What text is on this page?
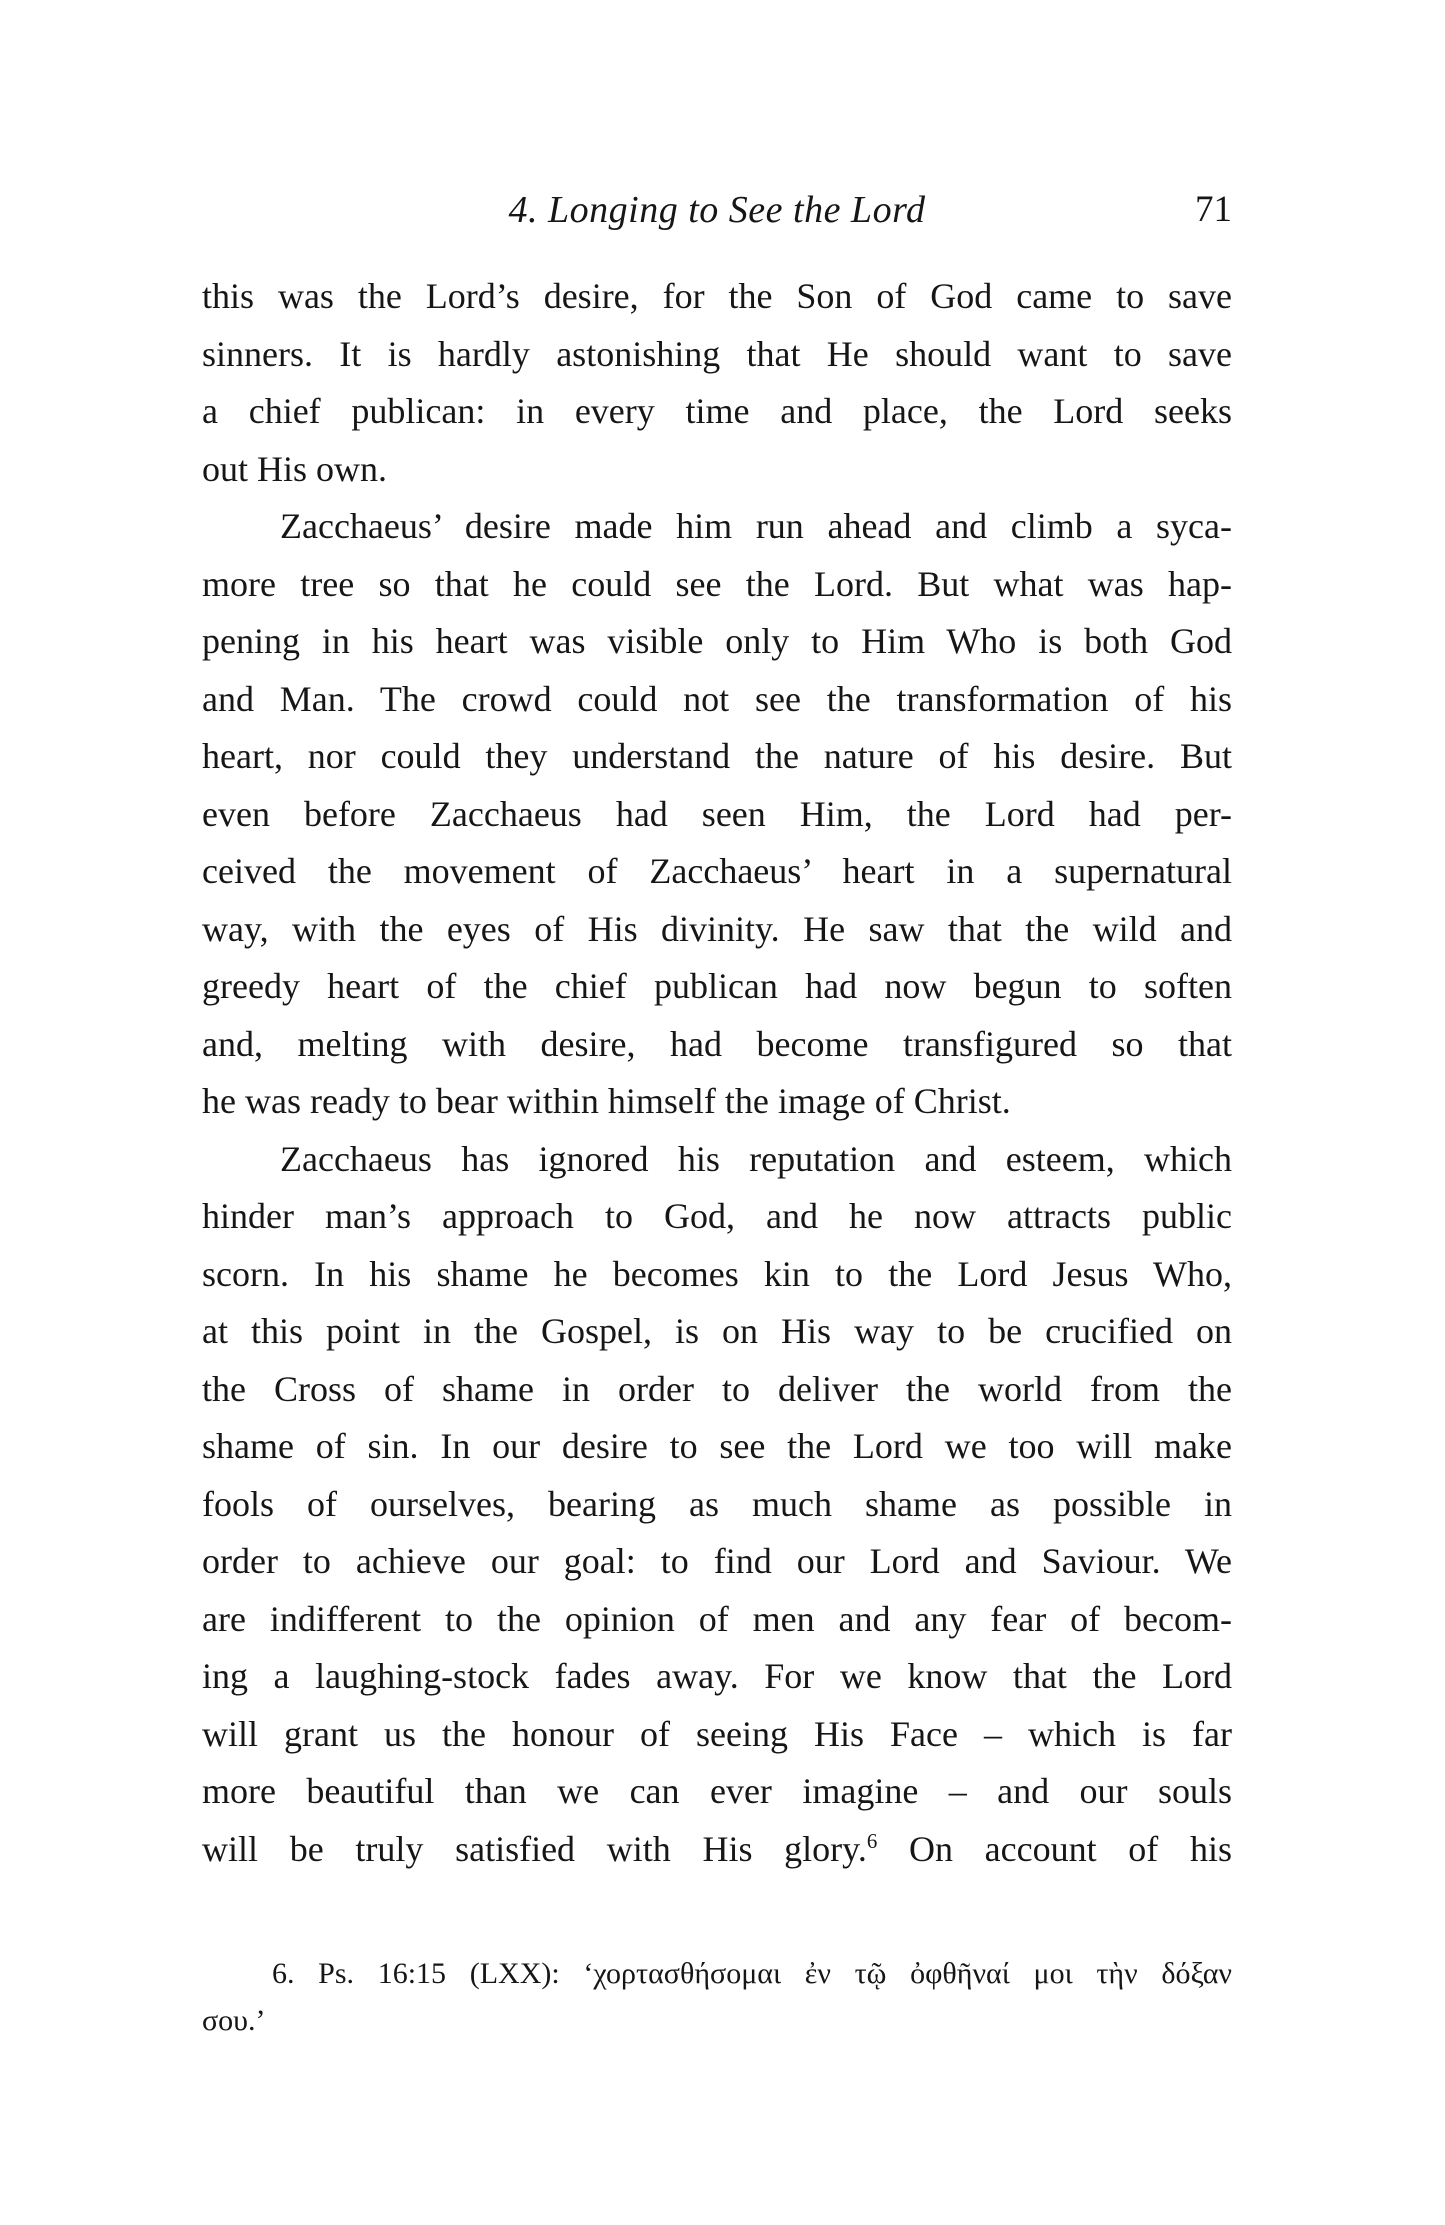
4. Longing to See the Lord	71
this was the Lord’s desire, for the Son of God came to save
sinners. It is hardly astonishing that He should want to save
a chief publican: in every time and place, the Lord seeks
out His own.
Zacchaeus’ desire made him run ahead and climb a syca-
more tree so that he could see the Lord. But what was hap-
pening in his heart was visible only to Him Who is both God
and Man. The crowd could not see the transformation of his
heart, nor could they understand the nature of his desire. But
even before Zacchaeus had seen Him, the Lord had per-
ceived the movement of Zacchaeus’ heart in a supernatural
way, with the eyes of His divinity. He saw that the wild and
greedy heart of the chief publican had now begun to soften
and, melting with desire, had become transfigured so that
he was ready to bear within himself the image of Christ.
Zacchaeus has ignored his reputation and esteem, which
hinder man’s approach to God, and he now attracts public
scorn. In his shame he becomes kin to the Lord Jesus Who,
at this point in the Gospel, is on His way to be crucified on
the Cross of shame in order to deliver the world from the
shame of sin. In our desire to see the Lord we too will make
fools of ourselves, bearing as much shame as possible in
order to achieve our goal: to find our Lord and Saviour. We
are indifferent to the opinion of men and any fear of becom-
ing a laughing-stock fades away. For we know that the Lord
will grant us the honour of seeing His Face – which is far
more beautiful than we can ever imagine – and our souls
will be truly satisfied with His glory.$^6$ On account of his
6. Ps. 16:15 (LXX): ‘χορτασθήσομαι ἐν τῷ ὀφθῆναί μοι τὴν δόξαν
σου.’
